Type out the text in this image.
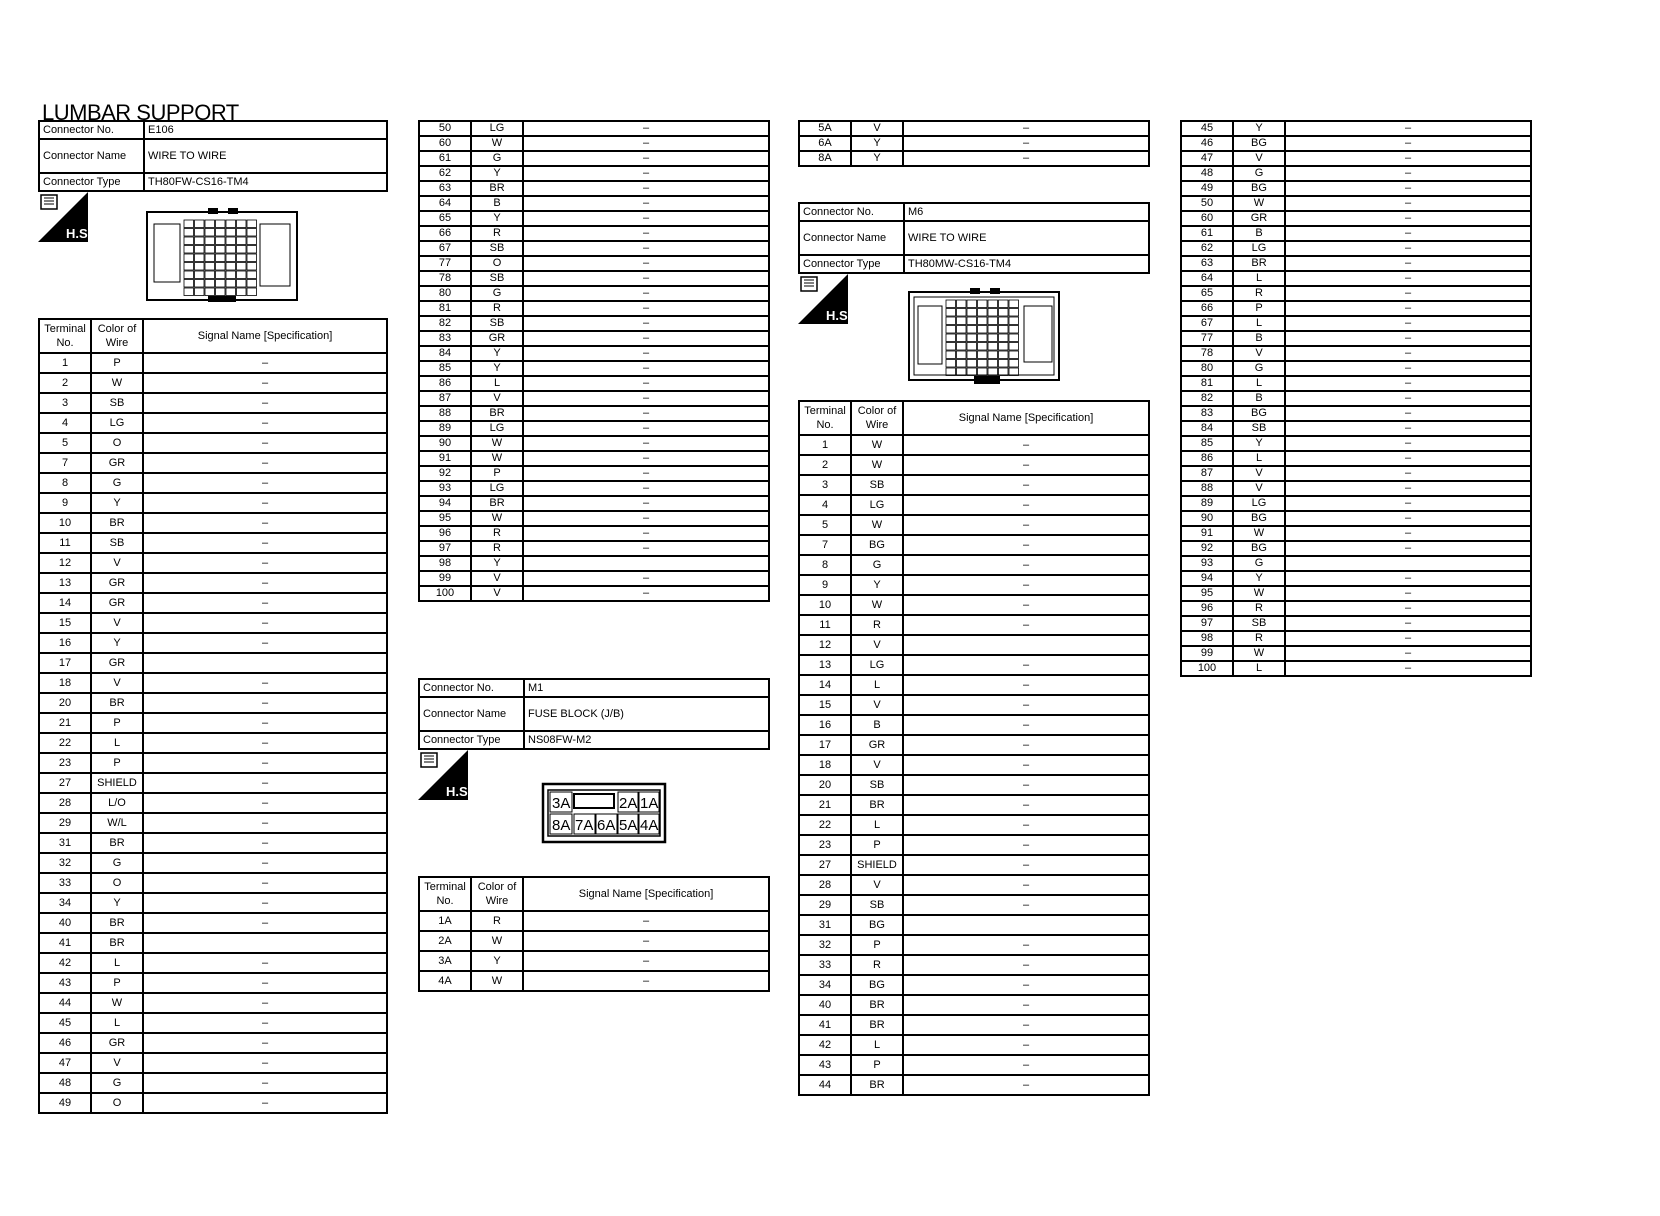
LUMBAR SUPPORT
Connector No.	E106
Connector Name	WIRE TO WIRE
Connector Type	TH80FW-CS16-TM4
H.S.
Terminal No.	Color of Wire	Signal Name [Specification]
1	P	–
2	W	–
3	SB	–
4	LG	–
5	O	–
7	GR	–
8	G	–
9	Y	–
10	BR	–
11	SB	–
12	V	–
13	GR	–
14	GR	–
15	V	–
16	Y	–
17	GR	
18	V	–
20	BR	–
21	P	–
22	L	–
23	P	–
27	SHIELD	–
28	L/O	–
29	W/L	–
31	BR	–
32	G	–
33	O	–
34	Y	–
40	BR	–
41	BR	
42	L	–
43	P	–
44	W	–
45	L	–
46	GR	–
47	V	–
48	G	–
49	O	–
50	LG	–
60	W	–
61	G	–
62	Y	–
63	BR	–
64	B	–
65	Y	–
66	R	–
67	SB	–
77	O	–
78	SB	–
80	G	–
81	R	–
82	SB	–
83	GR	–
84	Y	–
85	Y	–
86	L	–
87	V	–
88	BR	–
89	LG	–
90	W	–
91	W	–
92	P	–
93	LG	–
94	BR	–
95	W	–
96	R	–
97	R	–
98	Y	
99	V	–
100	V	–
Connector No.	M1
Connector Name	FUSE BLOCK (J/B)
Connector Type	NS08FW-M2
H.S.
3A	2A 1A
8A 7A 6A 5A 4A
Terminal No.	Color of Wire	Signal Name [Specification]
1A	R	–
2A	W	–
3A	Y	–
4A	W	–
5A	V	–
6A	Y	–
8A	Y	–
Connector No.	M6
Connector Name	WIRE TO WIRE
Connector Type	TH80MW-CS16-TM4
H.S.
Terminal No.	Color of Wire	Signal Name [Specification]
1	W	–
2	W	–
3	SB	–
4	LG	–
5	W	–
7	BG	–
8	G	–
9	Y	–
10	W	–
11	R	–
12	V	
13	LG	–
14	L	–
15	V	–
16	B	–
17	GR	–
18	V	–
20	SB	–
21	BR	–
22	L	–
23	P	–
27	SHIELD	–
28	V	–
29	SB	–
31	BG	
32	P	–
33	R	–
34	BG	–
40	BR	–
41	BR	–
42	L	–
43	P	–
44	BR	–
45	Y	–
46	BG	–
47	V	–
48	G	–
49	BG	–
50	W	–
60	GR	–
61	B	–
62	LG	–
63	BR	–
64	L	–
65	R	–
66	P	–
67	L	–
77	B	–
78	V	–
80	G	–
81	L	–
82	B	–
83	BG	–
84	SB	–
85	Y	–
86	L	–
87	V	–
88	V	–
89	LG	–
90	BG	–
91	W	–
92	BG	–
93	G	
94	Y	–
95	W	–
96	R	–
97	SB	–
98	R	–
99	W	–
100	L	–
